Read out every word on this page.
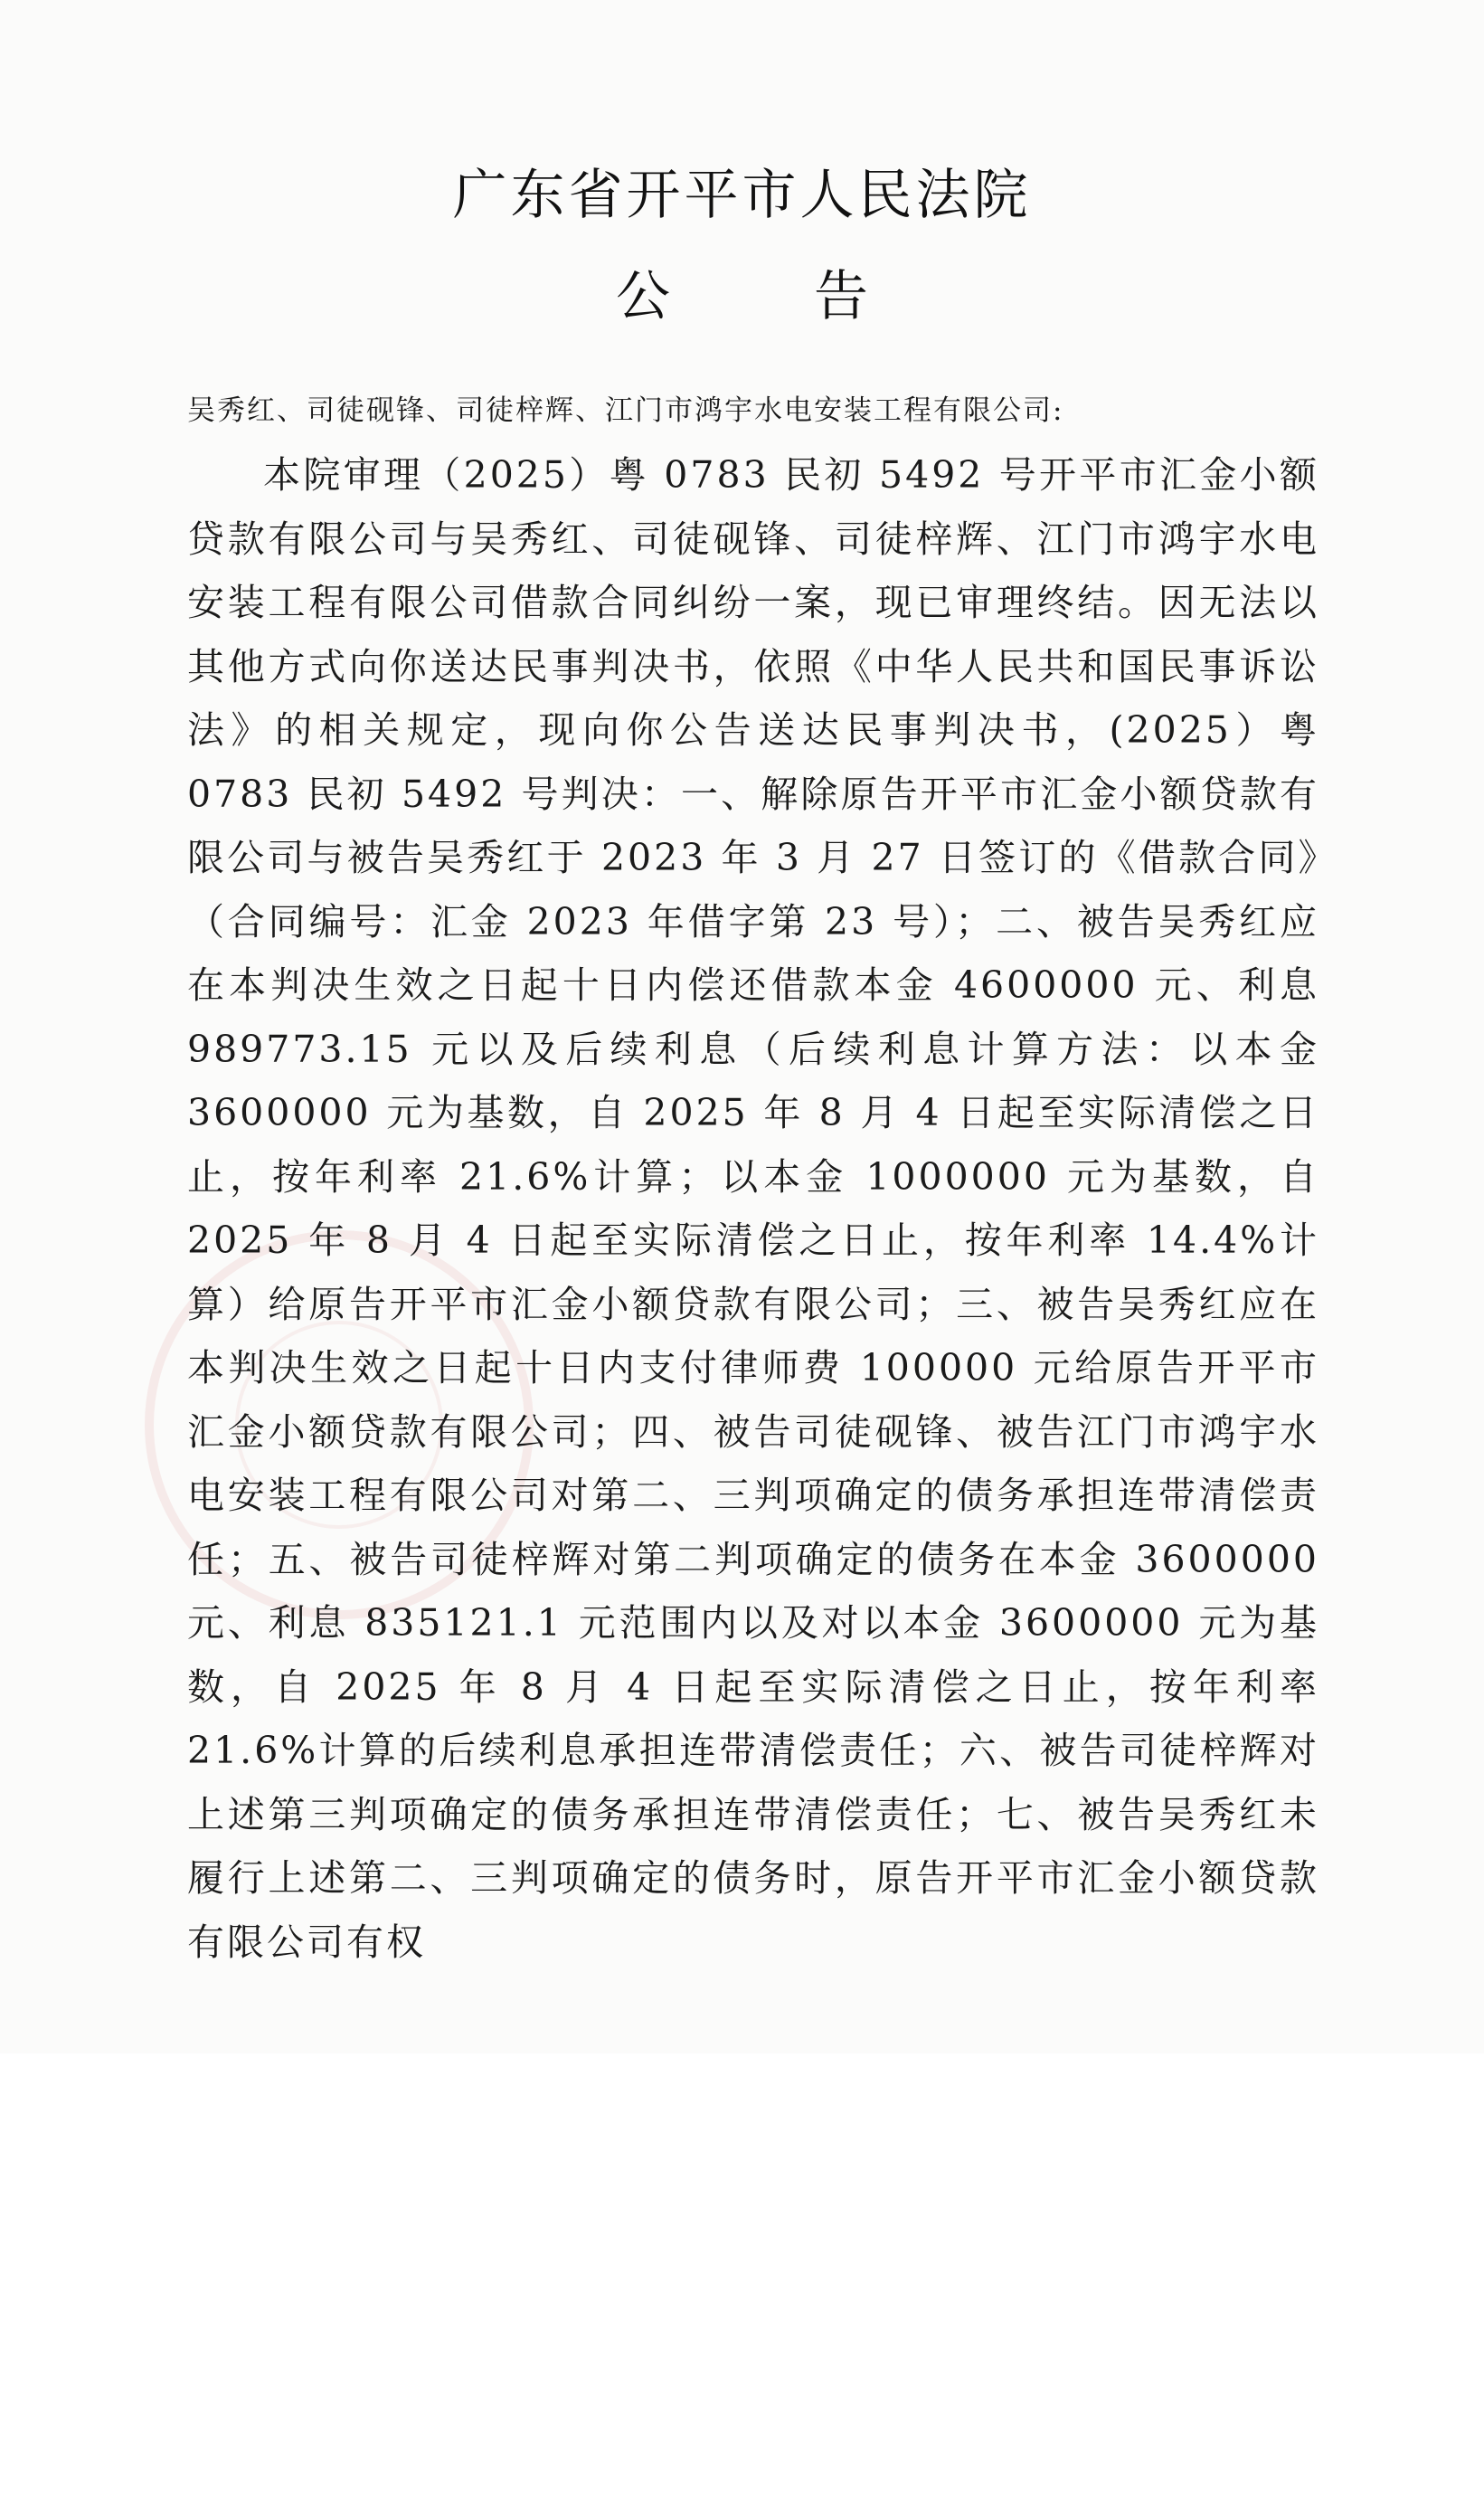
广东省开平市人民法院
公 告
吴秀红、司徒砚锋、司徒梓辉、江门市鸿宇水电安装工程有限公司:

本院审理（2025）粤 0783 民初 5492 号开平市汇金小额贷款有限公司与吴秀红、司徒砚锋、司徒梓辉、江门市鸿宇水电安装工程有限公司借款合同纠纷一案，现已审理终结。因无法以其他方式向你送达民事判决书，依照《中华人民共和国民事诉讼法》的相关规定，现向你公告送达民事判决书，(2025）粤 0783 民初 5492 号判决：一、解除原告开平市汇金小额贷款有限公司与被告吴秀红于 2023 年 3 月 27 日签订的《借款合同》（合同编号：汇金 2023 年借字第 23 号）；二、被告吴秀红应在本判决生效之日起十日内偿还借款本金 4600000 元、利息 989773.15 元以及后续利息（后续利息计算方法：以本金 3600000 元为基数，自 2025 年 8 月 4 日起至实际清偿之日止，按年利率 21.6%计算；以本金 1000000 元为基数，自 2025 年 8 月 4 日起至实际清偿之日止，按年利率 14.4%计算）给原告开平市汇金小额贷款有限公司；三、被告吴秀红应在本判决生效之日起十日内支付律师费 100000 元给原告开平市汇金小额贷款有限公司；四、被告司徒砚锋、被告江门市鸿宇水电安装工程有限公司对第二、三判项确定的债务承担连带清偿责任；五、被告司徒梓辉对第二判项确定的债务在本金 3600000 元、利息 835121.1 元范围内以及对以本金 3600000 元为基数，自 2025 年 8 月 4 日起至实际清偿之日止，按年利率 21.6%计算的后续利息承担连带清偿责任；六、被告司徒梓辉对上述第三判项确定的债务承担连带清偿责任；七、被告吴秀红未履行上述第二、三判项确定的债务时，原告开平市汇金小额贷款有限公司有权
